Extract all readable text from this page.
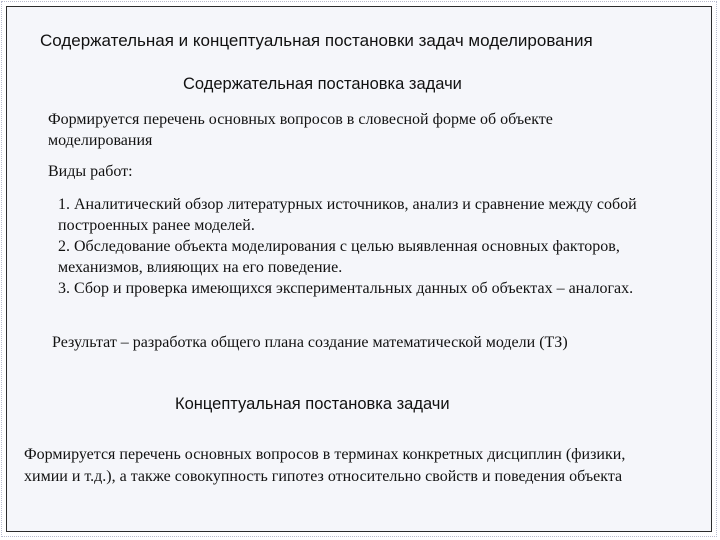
Содержательная и концептуальная постановки задач моделирования
Содержательная постановка задачи
Формируется перечень основных вопросов в словесной форме об объекте моделирования
Виды работ:
1. Аналитический обзор литературных источников, анализ и сравнение между собой построенных ранее моделей.
2. Обследование объекта моделирования с целью выявленная основных факторов, механизмов, влияющих на его поведение.
3. Сбор и проверка имеющихся экспериментальных данных об объектах – аналогах.
Результат – разработка общего плана создание математической модели (ТЗ)
Концептуальная постановка задачи
Формируется перечень основных вопросов в терминах конкретных дисциплин (физики, химии и т.д.), а также совокупность гипотез относительно свойств и поведения объекта
